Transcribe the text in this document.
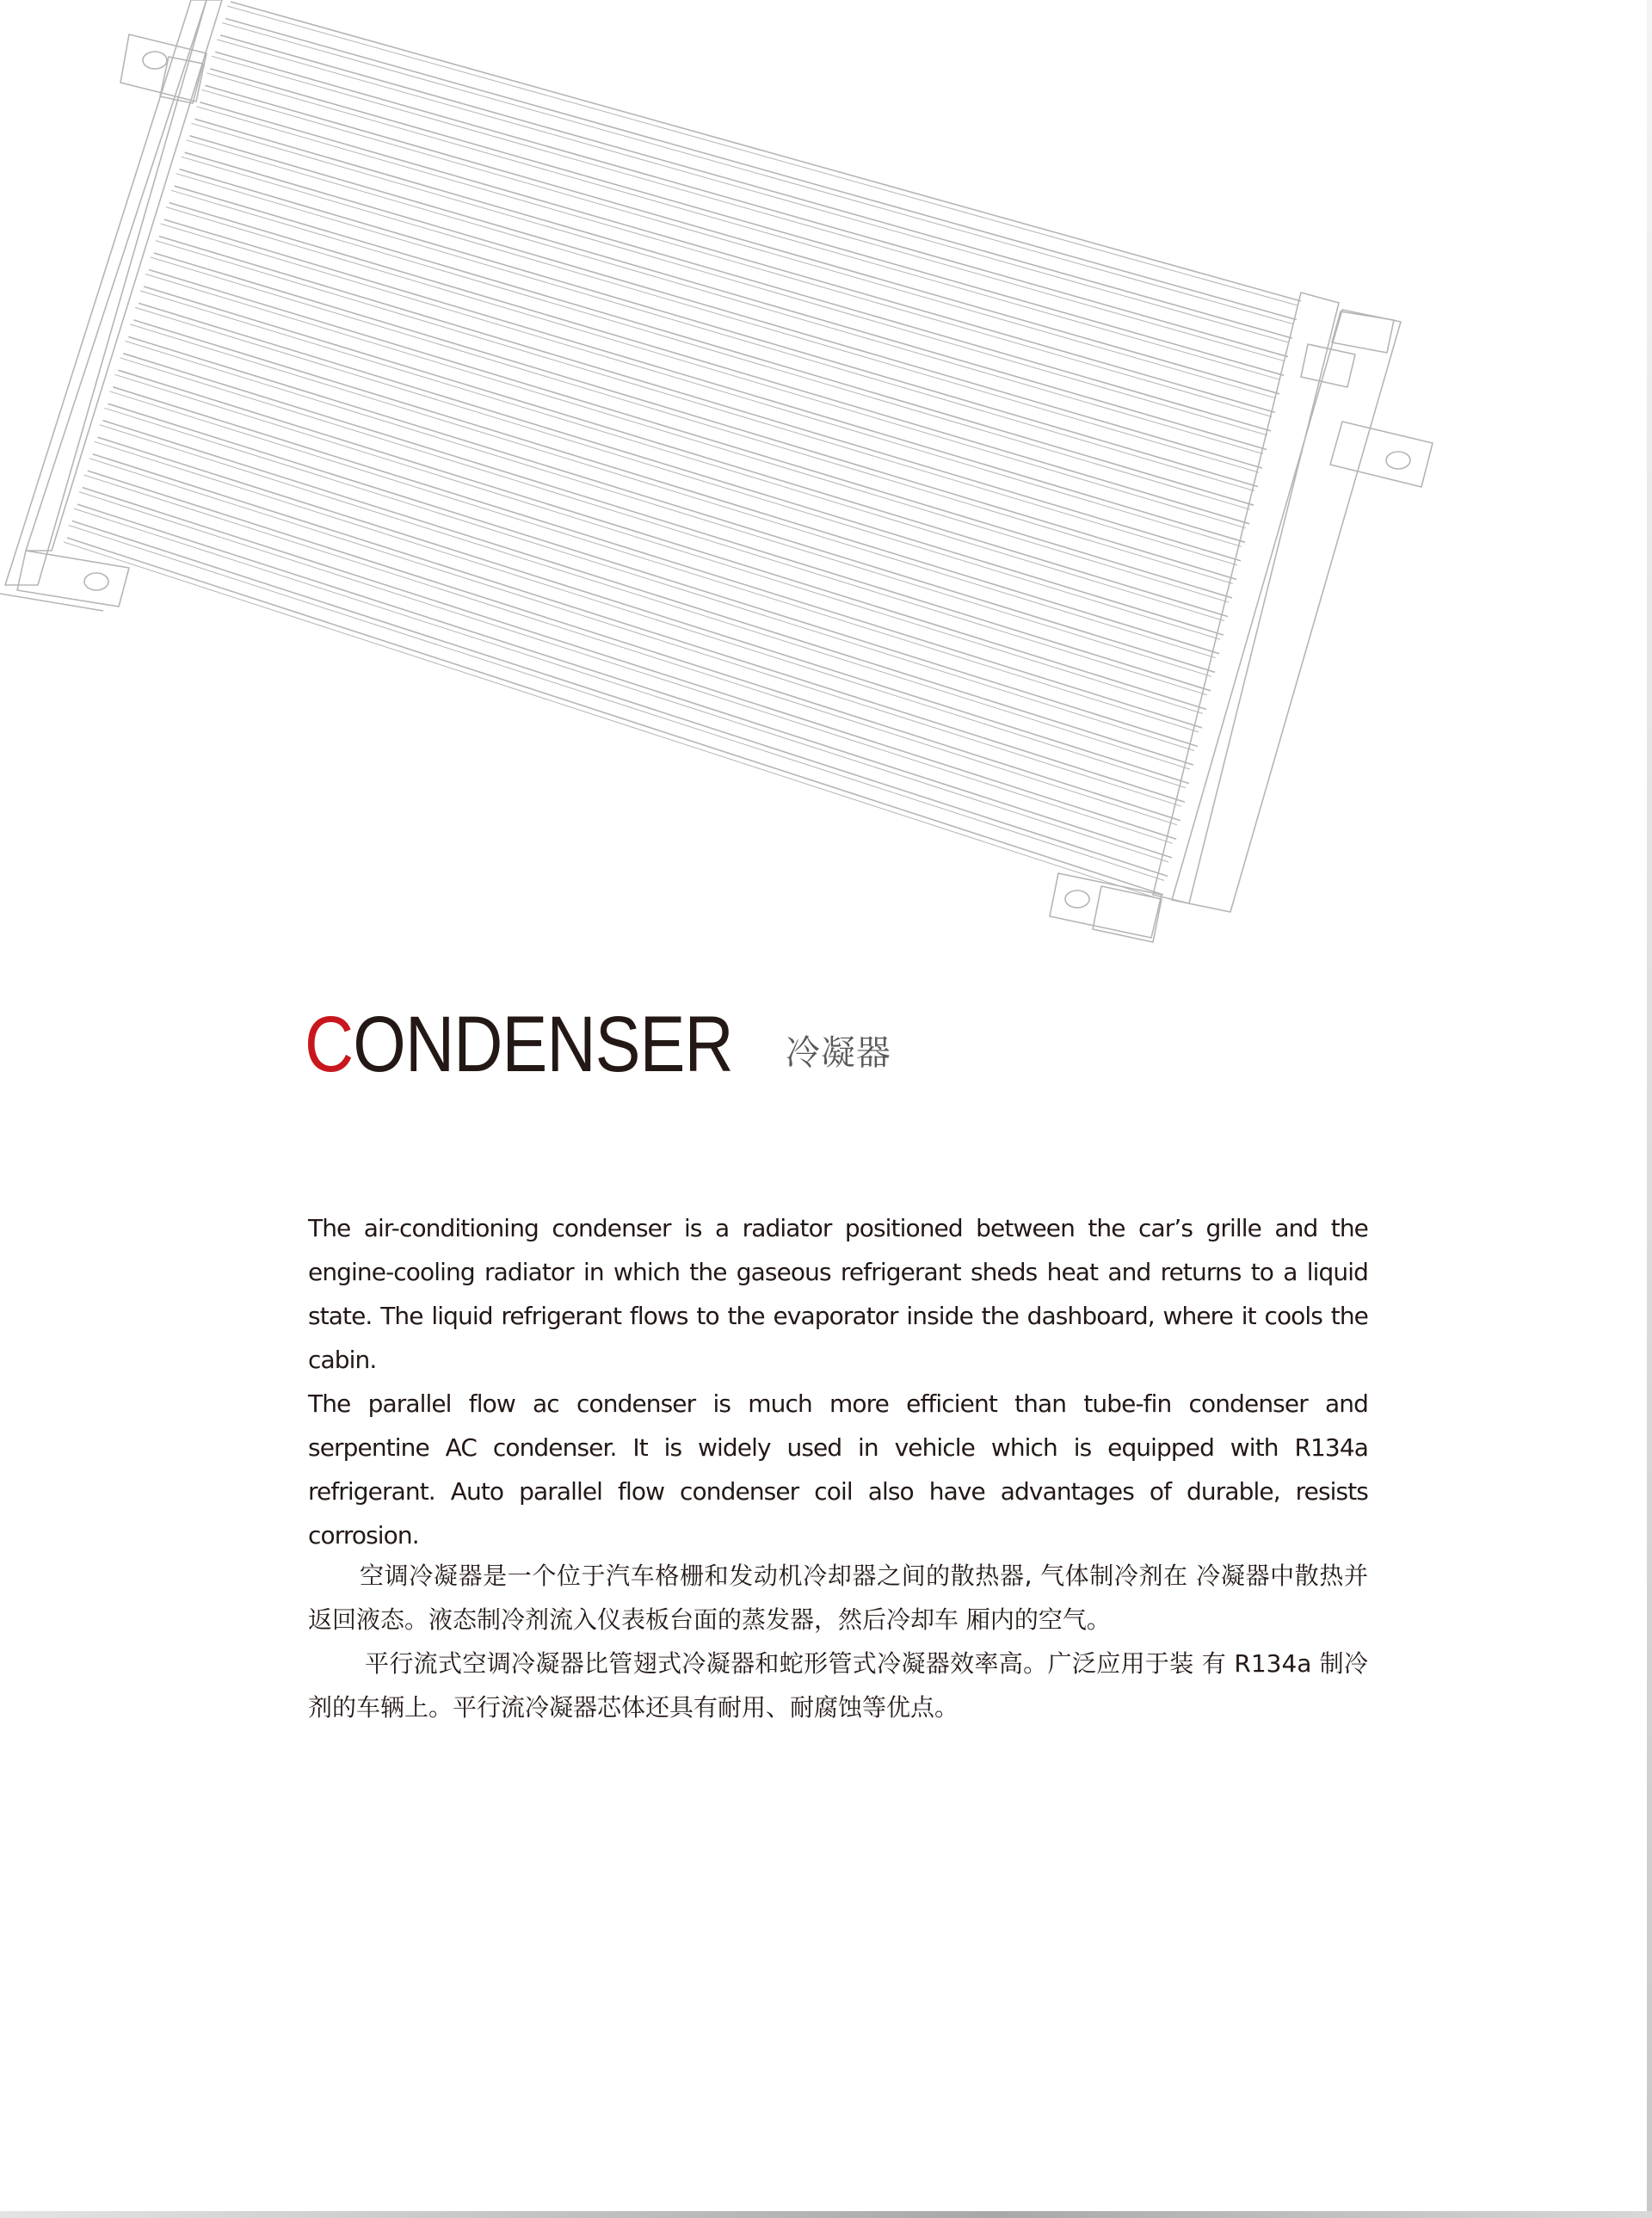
CONDENSER 冷凝器

The air-conditioning condenser is a radiator positioned between the car’s grille and the engine-cooling radiator in which the gaseous refrigerant sheds heat and returns to a liquid state. The liquid refrigerant flows to the evaporator inside the dashboard, where it cools the cabin.

The parallel flow ac condenser is much more efficient than tube-fin condenser and serpentine AC condenser. It is widely used in vehicle which is equipped with R134a refrigerant. Auto parallel flow condenser coil also have advantages of durable, resists corrosion.

空调冷凝器是一个位于汽车格栅和发动机冷却器之间的散热器, 气体制冷剂在 冷凝器中散热并返回液态。液态制冷剂流入仪表板台面的蒸发器，然后冷却车 厢内的空气。

平行流式空调冷凝器比管翅式冷凝器和蛇形管式冷凝器效率高。广泛应用于装 有 R134a 制冷剂的车辆上。平行流冷凝器芯体还具有耐用、耐腐蚀等优点。
